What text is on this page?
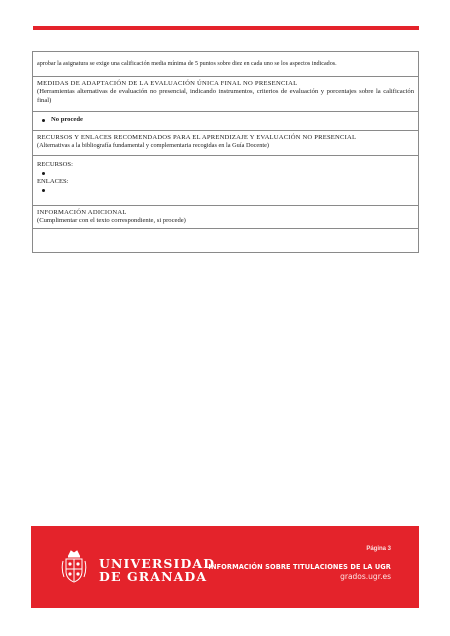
aprobar la asignatura se exige una calificación media mínima de 5 puntos sobre diez en cada uno se los aspectos indicados.
MEDIDAS DE ADAPTACIÓN DE LA EVALUACIÓN ÚNICA FINAL NO PRESENCIAL
(Herramientas alternativas de evaluación no presencial, indicando instrumentos, criterios de evaluación y porcentajes sobre la calificación final)
No procede
RECURSOS Y ENLACES RECOMENDADOS PARA EL APRENDIZAJE Y EVALUACIÓN NO PRESENCIAL
(Alternativas a la bibliografía fundamental y complementaria recogidas en la Guía Docente)
RECURSOS:
ENLACES:
INFORMACIÓN ADICIONAL
(Cumplimentar con el texto correspondiente, si procede)
UNIVERSIDAD
DE GRANADA
Página 3
INFORMACIÓN SOBRE TITULACIONES DE LA UGR
grados.ugr.es
